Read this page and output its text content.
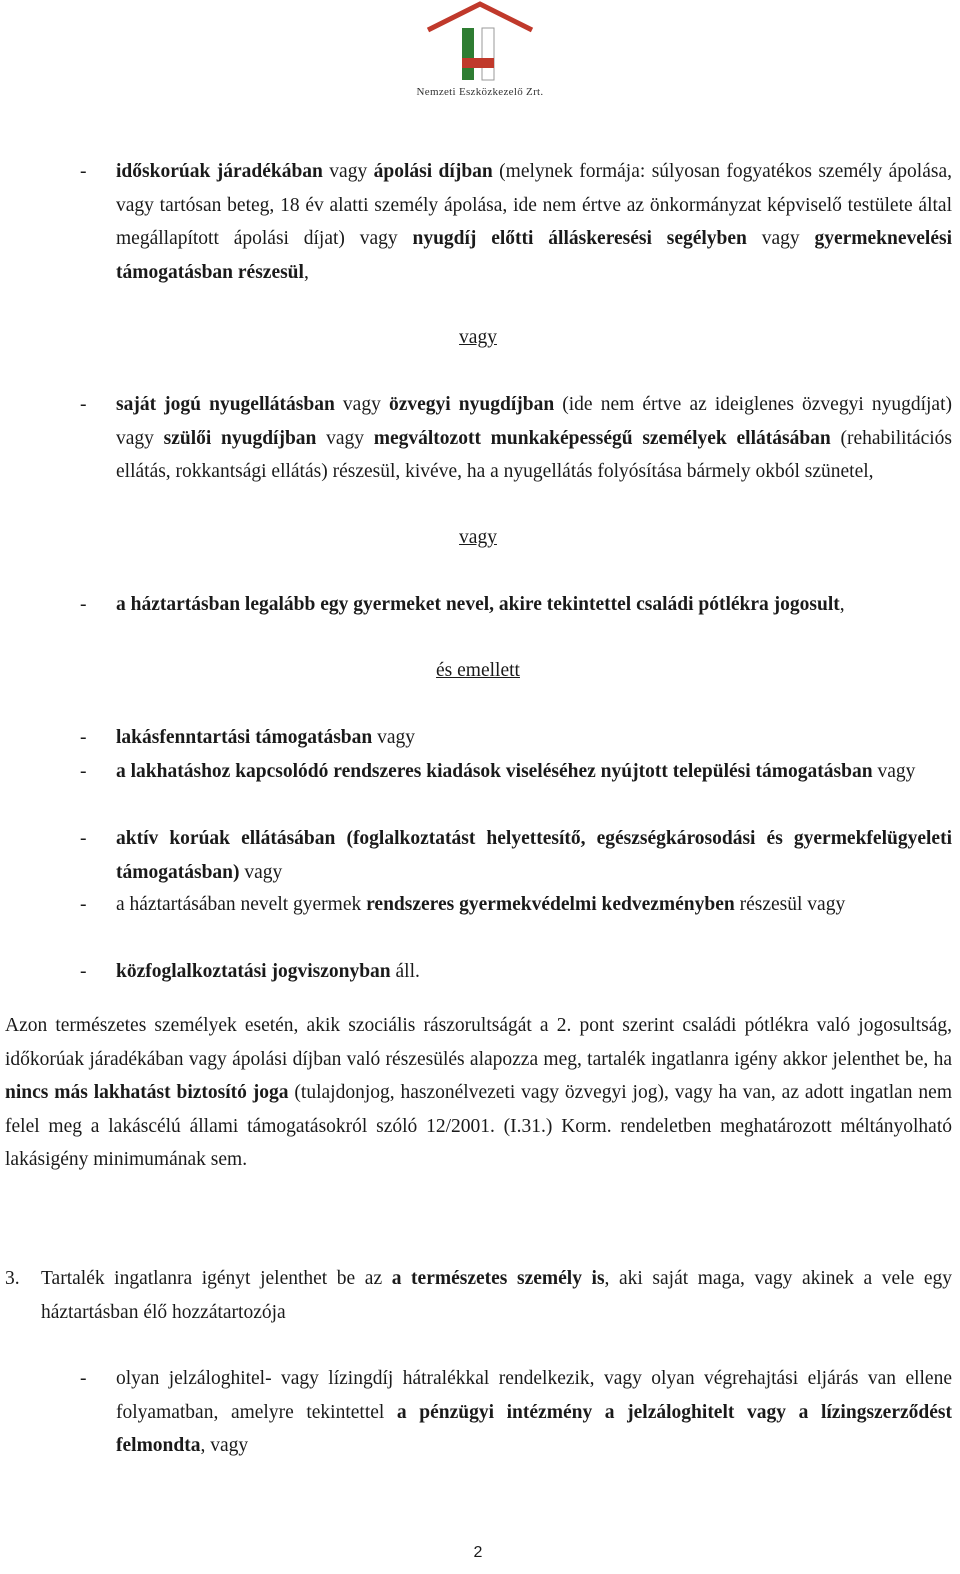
Nemzeti Eszközkezelő Zrt.
- időskorúak járadékában vagy ápolási díjban (melynek formája: súlyosan fogyatékos személy ápolása, vagy tartósan beteg, 18 év alatti személy ápolása, ide nem értve az önkormányzat képviselő testülete által megállapított ápolási díjat) vagy nyugdíj előtti álláskeresési segélyben vagy gyermeknevelési támogatásban részesül,
vagy
- saját jogú nyugellátásban vagy özvegyi nyugdíjban (ide nem értve az ideiglenes özvegyi nyugdíjat) vagy szülői nyugdíjban vagy megváltozott munkaképességű személyek ellátásában (rehabilitációs ellátás, rokkantsági ellátás) részesül, kivéve, ha a nyugellátás folyósítása bármely okból szünetel,
vagy
- a háztartásban legalább egy gyermeket nevel, akire tekintettel családi pótlékra jogosult,
és emellett
- lakásfenntartási támogatásban vagy
- a lakhatáshoz kapcsolódó rendszeres kiadások viseléséhez nyújtott települési támogatásban vagy
- aktív korúak ellátásában (foglalkoztatást helyettesítő, egészségkárosodási és gyermekfelügyeleti támogatásban) vagy
- a háztartásában nevelt gyermek rendszeres gyermekvédelmi kedvezményben részesül vagy
- közfoglalkoztatási jogviszonyban áll.
Azon természetes személyek esetén, akik szociális rászorultságát a 2. pont szerint családi pótlékra való jogosultság, időkorúak járadékában vagy ápolási díjban való részesülés alapozza meg, tartalék ingatlanra igény akkor jelenthet be, ha nincs más lakhatást biztosító joga (tulajdonjog, haszonélvezeti vagy özvegyi jog), vagy ha van, az adott ingatlan nem felel meg a lakáscélú állami támogatásokról szóló 12/2001. (I.31.) Korm. rendeletben meghatározott méltányolható lakásigény minimumának sem.
3. Tartalék ingatlanra igényt jelenthet be az a természetes személy is, aki saját maga, vagy akinek a vele egy háztartásban élő hozzátartozója
- olyan jelzáloghitel- vagy lízingdíj hátralékkal rendelkezik, vagy olyan végrehajtási eljárás van ellene folyamatban, amelyre tekintettel a pénzügyi intézmény a jelzáloghitelt vagy a lízingszerződést felmondta, vagy
2
